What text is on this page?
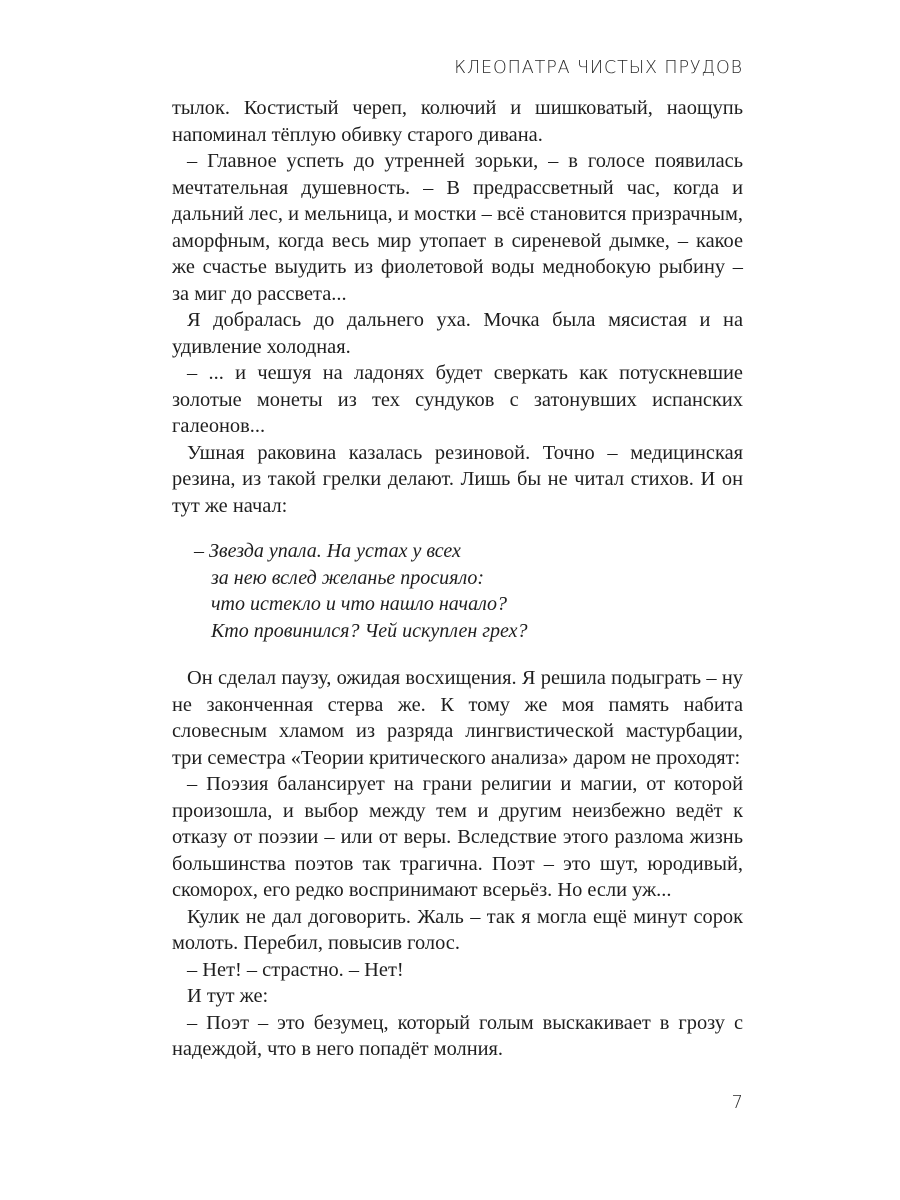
КЛЕОПАТРА ЧИСТЫХ ПРУДОВ

тылок. Костистый череп, колючий и шишковатый, наощупь напоминал тёплую обивку старого дивана.

– Главное успеть до утренней зорьки, – в голосе появилась мечтательная душевность. – В предрассветный час, когда и дальний лес, и мельница, и мостки – всё становится призрачным, аморфным, когда весь мир утопает в сиреневой дымке, – какое же счастье выудить из фиолетовой воды меднобокую рыбину – за миг до рассвета...

Я добралась до дальнего уха. Мочка была мясистая и на удивление холодная.

– ... и чешуя на ладонях будет сверкать как потускневшие золотые монеты из тех сундуков с затонувших испанских галеонов...

Ушная раковина казалась резиновой. Точно – медицинская резина, из такой грелки делают. Лишь бы не читал стихов. И он тут же начал:

– Звезда упала. На устах у всех
за нею вслед желанье просияло:
что истекло и что нашло начало?
Кто провинился? Чей искуплен грех?

Он сделал паузу, ожидая восхищения. Я решила подыграть – ну не законченная стерва же. К тому же моя память набита словесным хламом из разряда лингвистической мастурбации, три семестра «Теории критического анализа» даром не проходят:

– Поэзия балансирует на грани религии и магии, от которой произошла, и выбор между тем и другим неизбежно ведёт к отказу от поэзии – или от веры. Вследствие этого разлома жизнь большинства поэтов так трагична. Поэт – это шут, юродивый, скоморох, его редко воспринимают всерьёз. Но если уж...

Кулик не дал договорить. Жаль – так я могла ещё минут сорок молоть. Перебил, повысив голос.

– Нет! – страстно. – Нет!

И тут же:

– Поэт – это безумец, который голым выскакивает в грозу с надеждой, что в него попадёт молния.

7
